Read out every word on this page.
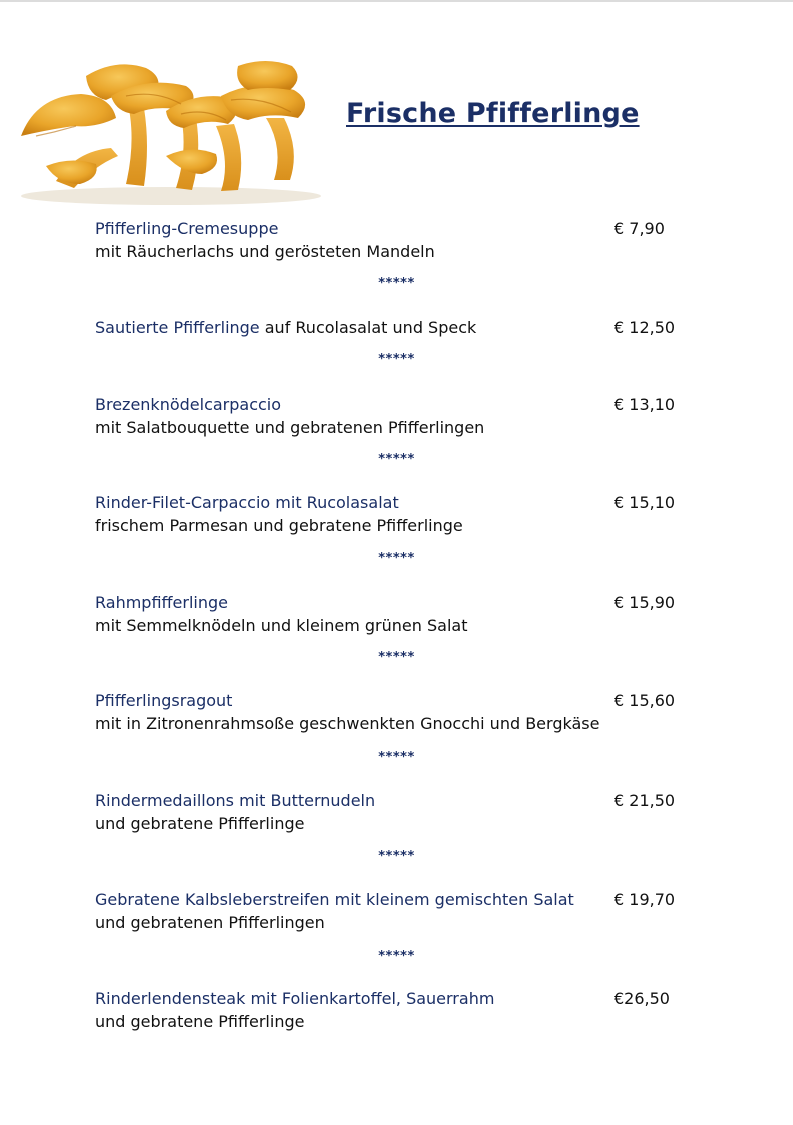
Frische Pfifferlinge
Pfifferling-Cremesuppe	€ 7,90
mit Räucherlachs und gerösteten Mandeln
*****
Sautierte Pfifferlinge auf Rucolasalat und Speck	€ 12,50
*****
Brezenknödelcarpaccio	€ 13,10
mit Salatbouquette und gebratenen Pfifferlingen
*****
Rinder-Filet-Carpaccio mit Rucolasalat	€ 15,10
frischem Parmesan und gebratene Pfifferlinge
*****
Rahmpfifferlinge	€ 15,90
mit Semmelknödeln und kleinem grünen Salat
*****
Pfifferlingsragout	€ 15,60
mit in Zitronenrahmsoße geschwenkten Gnocchi und Bergkäse
*****
Rindermedaillons mit Butternudeln	€ 21,50
und gebratene Pfifferlinge
*****
Gebratene Kalbsleberstreifen mit kleinem gemischten Salat	€ 19,70
und gebratenen Pfifferlingen
*****
Rinderlendensteak mit Folienkartoffel, Sauerrahm	€26,50
und gebratene Pfifferlinge
